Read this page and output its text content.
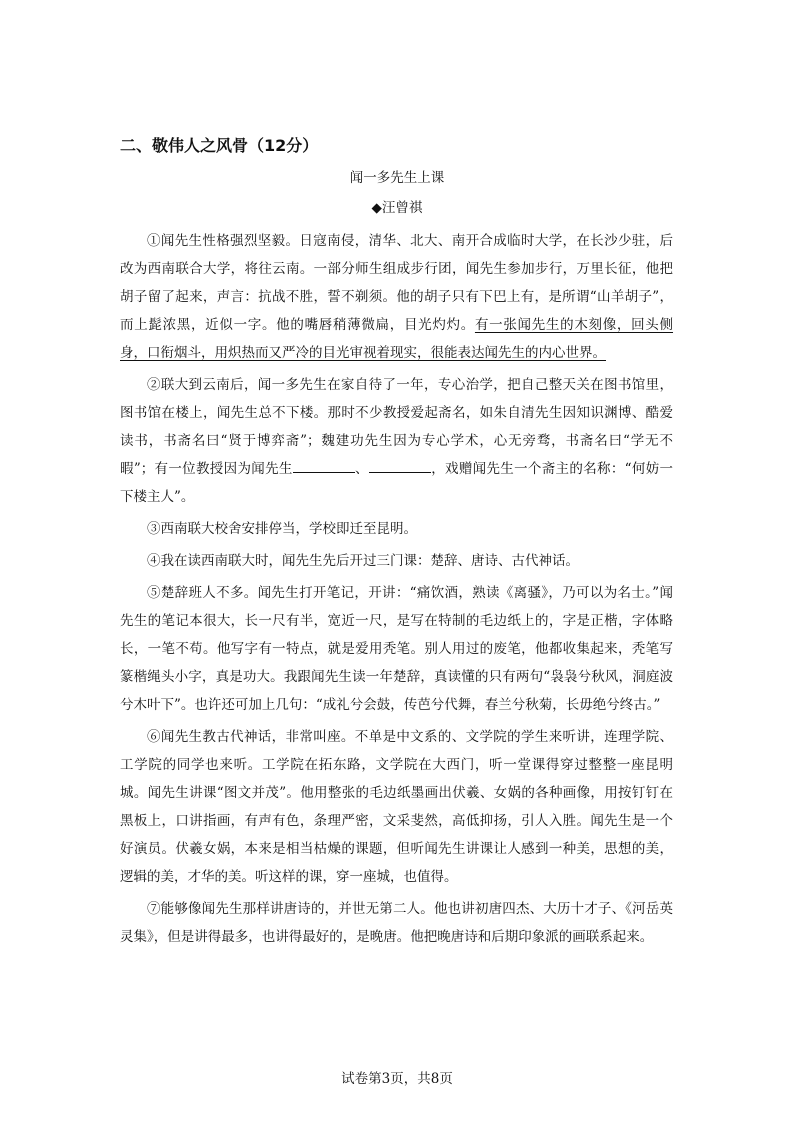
二、敬伟人之风骨（12分）
闻一多先生上课
◆汪曾祺

①闻先生性格强烈坚毅。日寇南侵，清华、北大、南开合成临时大学，在长沙少驻，后改为西南联合大学，将往云南。一部分师生组成步行团，闻先生参加步行，万里长征，他把胡子留了起来，声言：抗战不胜，誓不剃须。他的胡子只有下巴上有，是所谓“山羊胡子”，而上髭浓黑，近似一字。他的嘴唇稍薄微扁，目光灼灼。有一张闻先生的木刻像，回头侧身，口衔烟斗，用炽热而又严冷的目光审视着现实，很能表达闻先生的内心世界。

②联大到云南后，闻一多先生在家自待了一年，专心治学，把自己整天关在图书馆里，图书馆在楼上，闻先生总不下楼。那时不少教授爱起斋名，如朱自清先生因知识渊博、酷爱读书，书斋名曰“贤于博弈斋”；魏建功先生因为专心学术，心无旁骛，书斋名曰“学无不暇”；有一位教授因为闻先生	、	，戏赠闻先生一个斋主的名称：“何妨一下楼主人”。

③西南联大校舍安排停当，学校即迁至昆明。

④我在读西南联大时，闻先生先后开过三门课：楚辞、唐诗、古代神话。

⑤楚辞班人不多。闻先生打开笔记，开讲：“痛饮酒，熟读《离骚》，乃可以为名士。”闻先生的笔记本很大，长一尺有半，宽近一尺，是写在特制的毛边纸上的，字是正楷，字体略长，一笔不苟。他写字有一特点，就是爱用秃笔。别人用过的废笔，他都收集起来，秃笔写篆楷绳头小字，真是功大。我跟闻先生读一年楚辞，真读懂的只有两句“袅袅兮秋风，洞庭波兮木叶下”。也许还可加上几句：“成礼兮会鼓，传芭兮代舞，春兰兮秋菊，长毋绝兮终古。”

⑥闻先生教古代神话，非常叫座。不单是中文系的、文学院的学生来听讲，连理学院、工学院的同学也来听。工学院在拓东路，文学院在大西门，听一堂课得穿过整整一座昆明城。闻先生讲课“图文并茂”。他用整张的毛边纸墨画出伏羲、女娲的各种画像，用按钉钉在黑板上，口讲指画，有声有色，条理严密，文采斐然，高低抑扬，引人入胜。闻先生是一个好演员。伏羲女娲，本来是相当枯燥的课题，但听闻先生讲课让人感到一种美，思想的美，逻辑的美，才华的美。听这样的课，穿一座城，也值得。

⑦能够像闻先生那样讲唐诗的，并世无第二人。他也讲初唐四杰、大历十才子、《河岳英灵集》，但是讲得最多，也讲得最好的，是晚唐。他把晚唐诗和后期印象派的画联系起来。

试卷第3页，共8页
